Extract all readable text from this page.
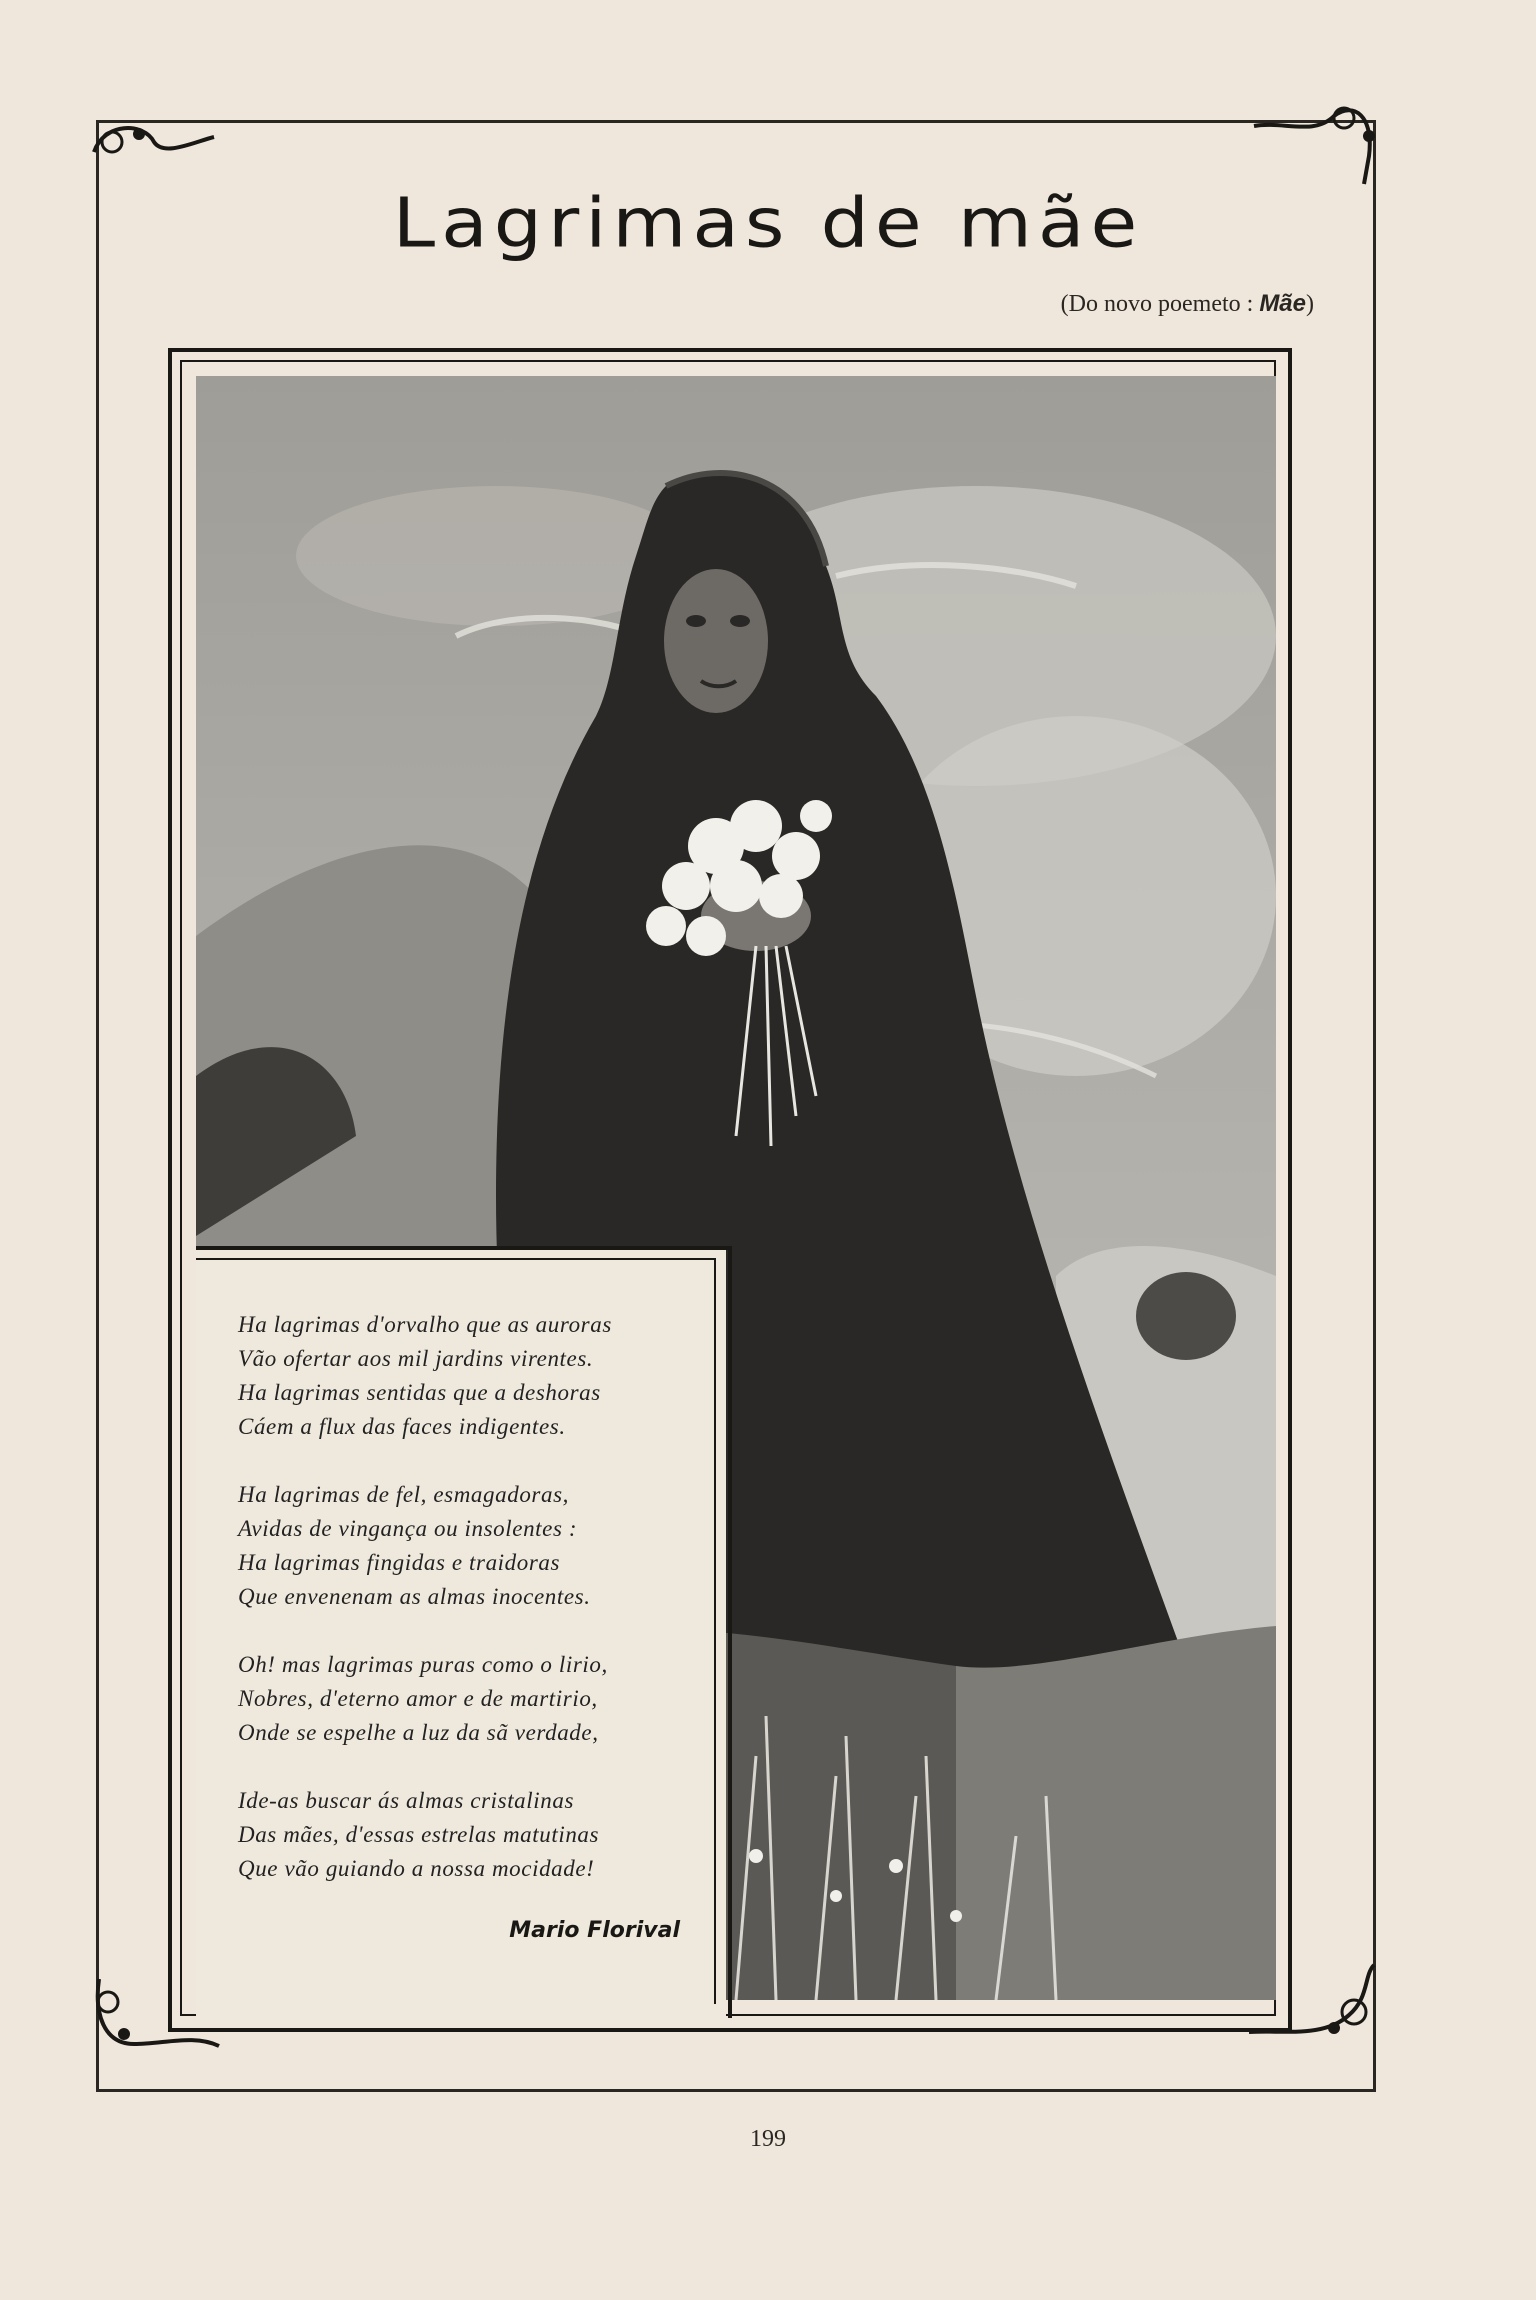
Lagrimas de mãe
(Do novo poemeto : Mãe)
Ha lagrimas d'orvalho que as auroras
Vão ofertar aos mil jardins virentes.
Ha lagrimas sentidas que a deshoras
Cáem a flux das faces indigentes.
Ha lagrimas de fel, esmagadoras,
Avidas de vingança ou insolentes :
Ha lagrimas fingidas e traidoras
Que envenenam as almas inocentes.
Oh! mas lagrimas puras como o lirio,
Nobres, d'eterno amor e de martirio,
Onde se espelhe a luz da sã verdade,
Ide-as buscar ás almas cristalinas
Das mães, d'essas estrelas matutinas
Que vão guiando a nossa mocidade!
Mario Florival
199
